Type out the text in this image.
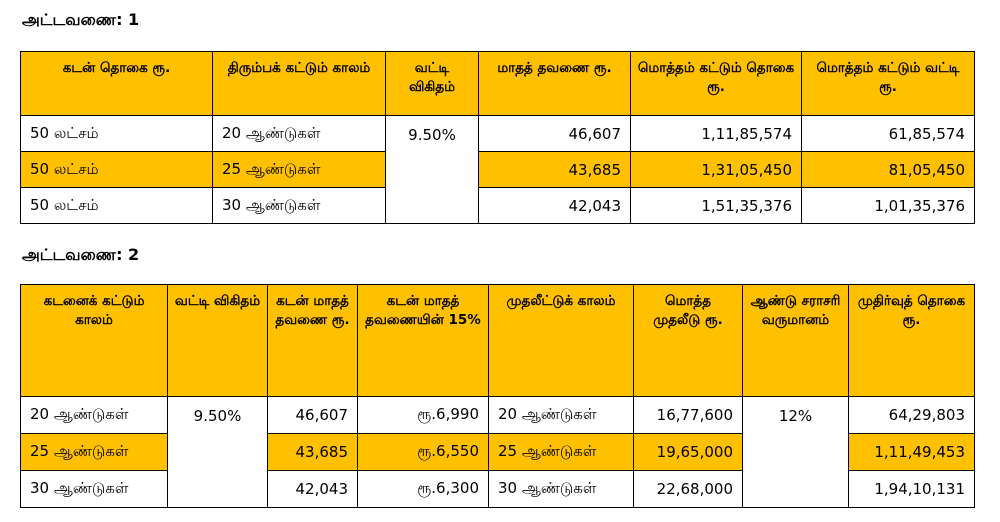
அட்டவணை: 1
கடன் தொகை ரூ.	திரும்பக் கட்டும் காலம்	வட்டி விகிதம்	மாதத் தவணை ரூ.	மொத்தம் கட்டும் தொகை ரூ.	மொத்தம் கட்டும் வட்டி ரூ.
50 லட்சம்	20 ஆண்டுகள்	9.50%	46,607	1,11,85,574	61,85,574
50 லட்சம்	25 ஆண்டுகள்		43,685	1,31,05,450	81,05,450
50 லட்சம்	30 ஆண்டுகள்		42,043	1,51,35,376	1,01,35,376
அட்டவணை: 2
கடனைக் கட்டும் காலம்	வட்டி விகிதம்	கடன் மாதத் தவணை ரூ.	கடன் மாதத் தவணையின் 15%	முதலீட்டுக் காலம்	மொத்த முதலீடு ரூ.	ஆண்டு சராசரி வருமானம்	முதிர்வுத் தொகை ரூ.
20 ஆண்டுகள்	9.50%	46,607	ரூ.6,990	20 ஆண்டுகள்	16,77,600	12%	64,29,803
25 ஆண்டுகள்		43,685	ரூ.6,550	25 ஆண்டுகள்	19,65,000		1,11,49,453
30 ஆண்டுகள்		42,043	ரூ.6,300	30 ஆண்டுகள்	22,68,000		1,94,10,131
